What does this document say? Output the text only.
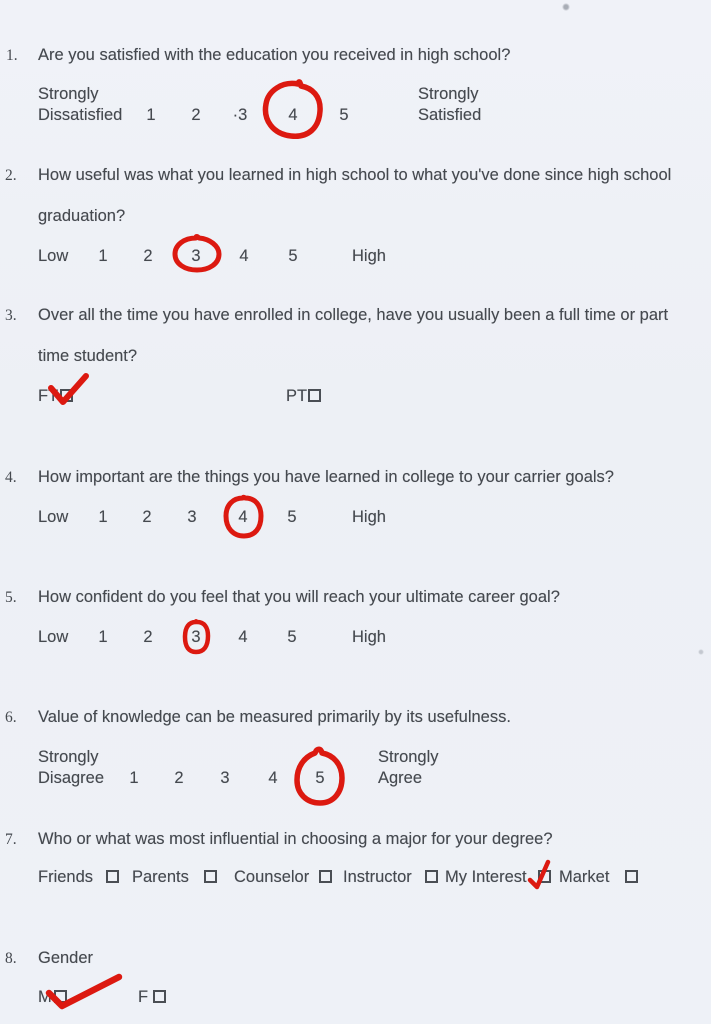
1. Are you satisfied with the education you received in high school?
Strongly
Dissatisfied 1 2 ·3 4	5
Strongly
Satisfied
2. How useful was what you learned in high school to what you've done since high school
graduation?
Low 1 2 3 4 5	High
3. Over all the time you have enrolled in college, have you usually been a full time or part
time student?
FT	PT
4. How important are the things you have learned in college to your carrier goals?
Low 1 2 3	4 5	High
5. How confident do you feel that you will reach your ultimate career goal?
Low 1 2 3 4 5	High
6. Value of knowledge can be measured primarily by its usefulness.
Strongly
Disagree 1 2 3 4 5
Strongly
Agree
7. Who or what was most influential in choosing a major for your degree?
Friends Parents	Counselor Instructor My Interest Market
8. Gender
M	F
